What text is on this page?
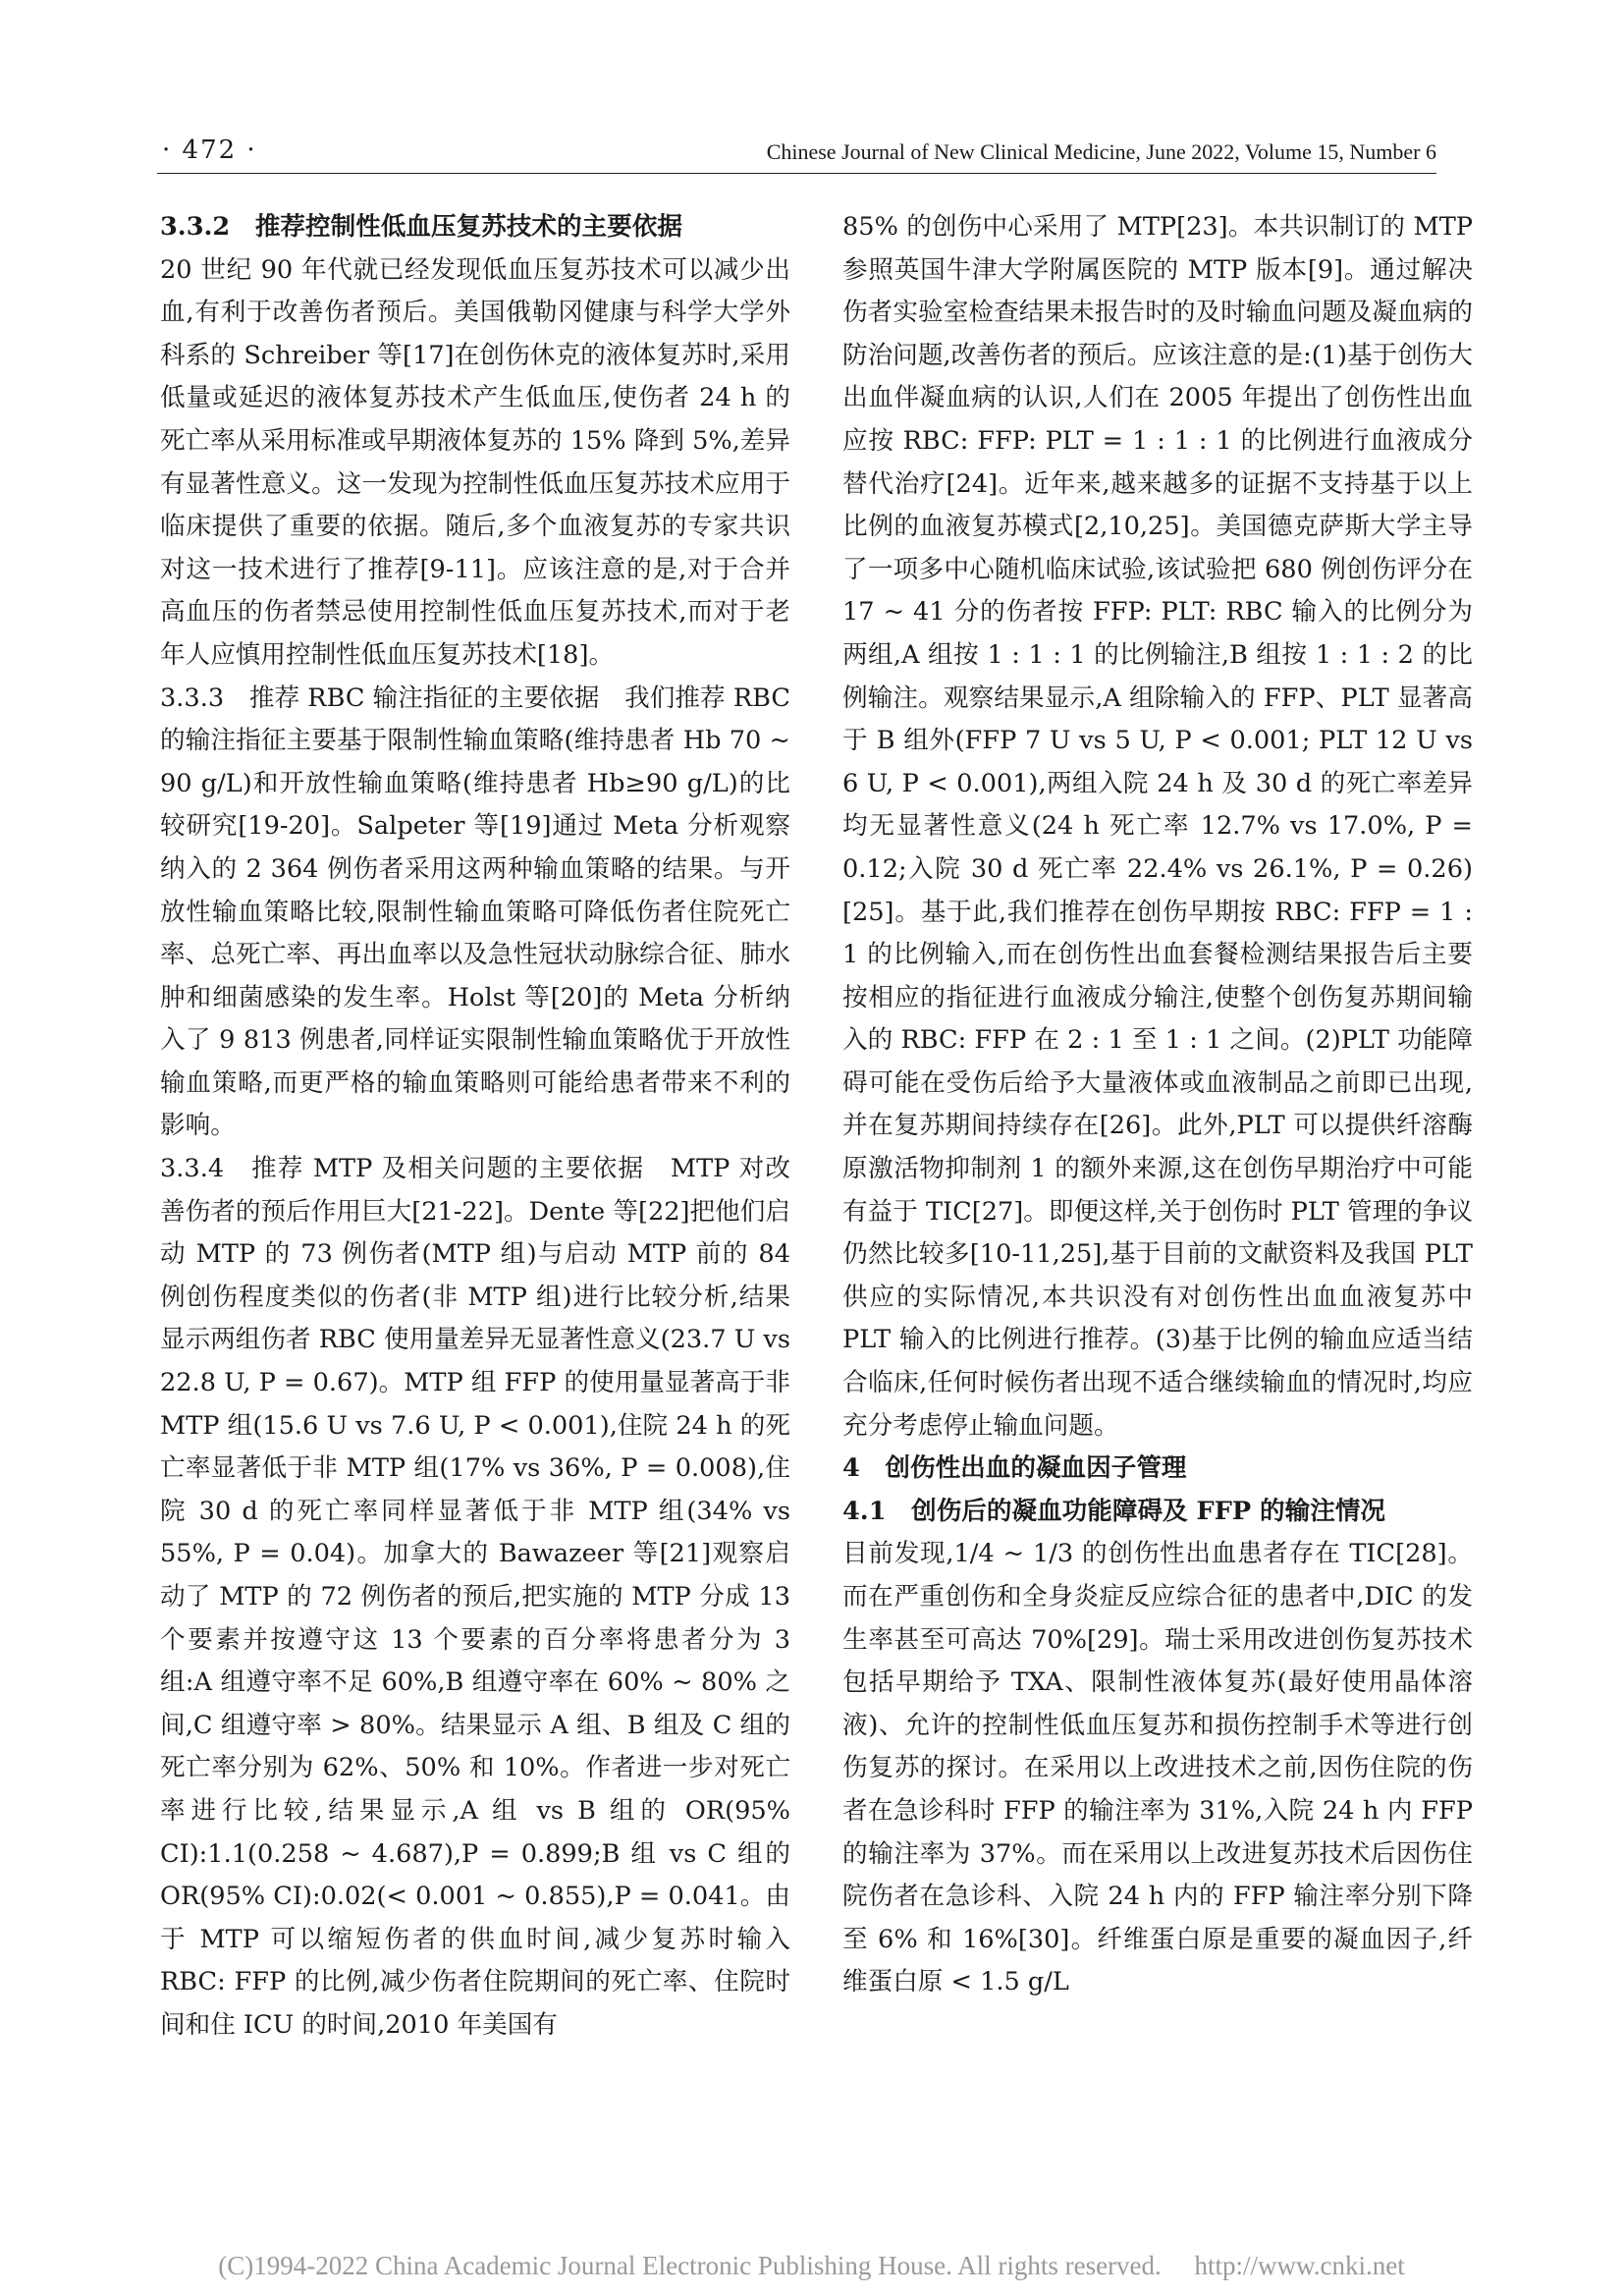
· 472 ·	Chinese Journal of New Clinical Medicine, June 2022, Volume 15, Number 6

3.3.2　推荐控制性低血压复苏技术的主要依据

20 世纪 90 年代就已经发现低血压复苏技术可以减少出血,有利于改善伤者预后。美国俄勒冈健康与科学大学外科系的 Schreiber 等[17]在创伤休克的液体复苏时,采用低量或延迟的液体复苏技术产生低血压,使伤者 24 h 的死亡率从采用标准或早期液体复苏的 15% 降到 5%,差异有显著性意义。这一发现为控制性低血压复苏技术应用于临床提供了重要的依据。随后,多个血液复苏的专家共识对这一技术进行了推荐[9-11]。应该注意的是,对于合并高血压的伤者禁忌使用控制性低血压复苏技术,而对于老年人应慎用控制性低血压复苏技术[18]。

3.3.3　推荐 RBC 输注指征的主要依据　我们推荐 RBC 的输注指征主要基于限制性输血策略(维持患者 Hb 70 ~ 90 g/L)和开放性输血策略(维持患者 Hb≥90 g/L)的比较研究[19-20]。Salpeter 等[19]通过 Meta 分析观察纳入的 2 364 例伤者采用这两种输血策略的结果。与开放性输血策略比较,限制性输血策略可降低伤者住院死亡率、总死亡率、再出血率以及急性冠状动脉综合征、肺水肿和细菌感染的发生率。Holst 等[20]的 Meta 分析纳入了 9 813 例患者,同样证实限制性输血策略优于开放性输血策略,而更严格的输血策略则可能给患者带来不利的影响。

3.3.4　推荐 MTP 及相关问题的主要依据　MTP 对改善伤者的预后作用巨大[21-22]。Dente 等[22]把他们启动 MTP 的 73 例伤者(MTP 组)与启动 MTP 前的 84 例创伤程度类似的伤者(非 MTP 组)进行比较分析,结果显示两组伤者 RBC 使用量差异无显著性意义(23.7 U vs 22.8 U, P = 0.67)。MTP 组 FFP 的使用量显著高于非 MTP 组(15.6 U vs 7.6 U, P < 0.001),住院 24 h 的死亡率显著低于非 MTP 组(17% vs 36%, P = 0.008),住院 30 d 的死亡率同样显著低于非 MTP 组(34% vs 55%, P = 0.04)。加拿大的 Bawazeer 等[21]观察启动了 MTP 的 72 例伤者的预后,把实施的 MTP 分成 13 个要素并按遵守这 13 个要素的百分率将患者分为 3 组:A 组遵守率不足 60%,B 组遵守率在 60% ~ 80% 之间,C 组遵守率 > 80%。结果显示 A 组、B 组及 C 组的死亡率分别为 62%、50% 和 10%。作者进一步对死亡率进行比较,结果显示,A 组 vs B 组的 OR(95% CI):1.1(0.258 ~ 4.687),P = 0.899;B 组 vs C 组的 OR(95% CI):0.02(< 0.001 ~ 0.855),P = 0.041。由于 MTP 可以缩短伤者的供血时间,减少复苏时输入 RBC: FFP 的比例,减少伤者住院期间的死亡率、住院时间和住 ICU 的时间,2010 年美国有

85% 的创伤中心采用了 MTP[23]。本共识制订的 MTP 参照英国牛津大学附属医院的 MTP 版本[9]。通过解决伤者实验室检查结果未报告时的及时输血问题及凝血病的防治问题,改善伤者的预后。应该注意的是:(1)基于创伤大出血伴凝血病的认识,人们在 2005 年提出了创伤性出血应按 RBC: FFP: PLT = 1 : 1 : 1 的比例进行血液成分替代治疗[24]。近年来,越来越多的证据不支持基于以上比例的血液复苏模式[2,10,25]。美国德克萨斯大学主导了一项多中心随机临床试验,该试验把 680 例创伤评分在 17 ~ 41 分的伤者按 FFP: PLT: RBC 输入的比例分为两组,A 组按 1 : 1 : 1 的比例输注,B 组按 1 : 1 : 2 的比例输注。观察结果显示,A 组除输入的 FFP、PLT 显著高于 B 组外(FFP 7 U vs 5 U, P < 0.001; PLT 12 U vs 6 U, P < 0.001),两组入院 24 h 及 30 d 的死亡率差异均无显著性意义(24 h 死亡率 12.7% vs 17.0%, P = 0.12;入院 30 d 死亡率 22.4% vs 26.1%, P = 0.26)[25]。基于此,我们推荐在创伤早期按 RBC: FFP = 1 : 1 的比例输入,而在创伤性出血套餐检测结果报告后主要按相应的指征进行血液成分输注,使整个创伤复苏期间输入的 RBC: FFP 在 2 : 1 至 1 : 1 之间。(2)PLT 功能障碍可能在受伤后给予大量液体或血液制品之前即已出现,并在复苏期间持续存在[26]。此外,PLT 可以提供纤溶酶原激活物抑制剂 1 的额外来源,这在创伤早期治疗中可能有益于 TIC[27]。即便这样,关于创伤时 PLT 管理的争议仍然比较多[10-11,25],基于目前的文献资料及我国 PLT 供应的实际情况,本共识没有对创伤性出血血液复苏中 PLT 输入的比例进行推荐。(3)基于比例的输血应适当结合临床,任何时候伤者出现不适合继续输血的情况时,均应充分考虑停止输血问题。

4　创伤性出血的凝血因子管理

4.1　创伤后的凝血功能障碍及 FFP 的输注情况

目前发现,1/4 ~ 1/3 的创伤性出血患者存在 TIC[28]。而在严重创伤和全身炎症反应综合征的患者中,DIC 的发生率甚至可高达 70%[29]。瑞士采用改进创伤复苏技术包括早期给予 TXA、限制性液体复苏(最好使用晶体溶液)、允许的控制性低血压复苏和损伤控制手术等进行创伤复苏的探讨。在采用以上改进技术之前,因伤住院的伤者在急诊科时 FFP 的输注率为 31%,入院 24 h 内 FFP 的输注率为 37%。而在采用以上改进复苏技术后因伤住院伤者在急诊科、入院 24 h 内的 FFP 输注率分别下降至 6% 和 16%[30]。纤维蛋白原是重要的凝血因子,纤维蛋白原 < 1.5 g/L

(C)1994-2022 China Academic Journal Electronic Publishing House. All rights reserved. http://www.cnki.net
